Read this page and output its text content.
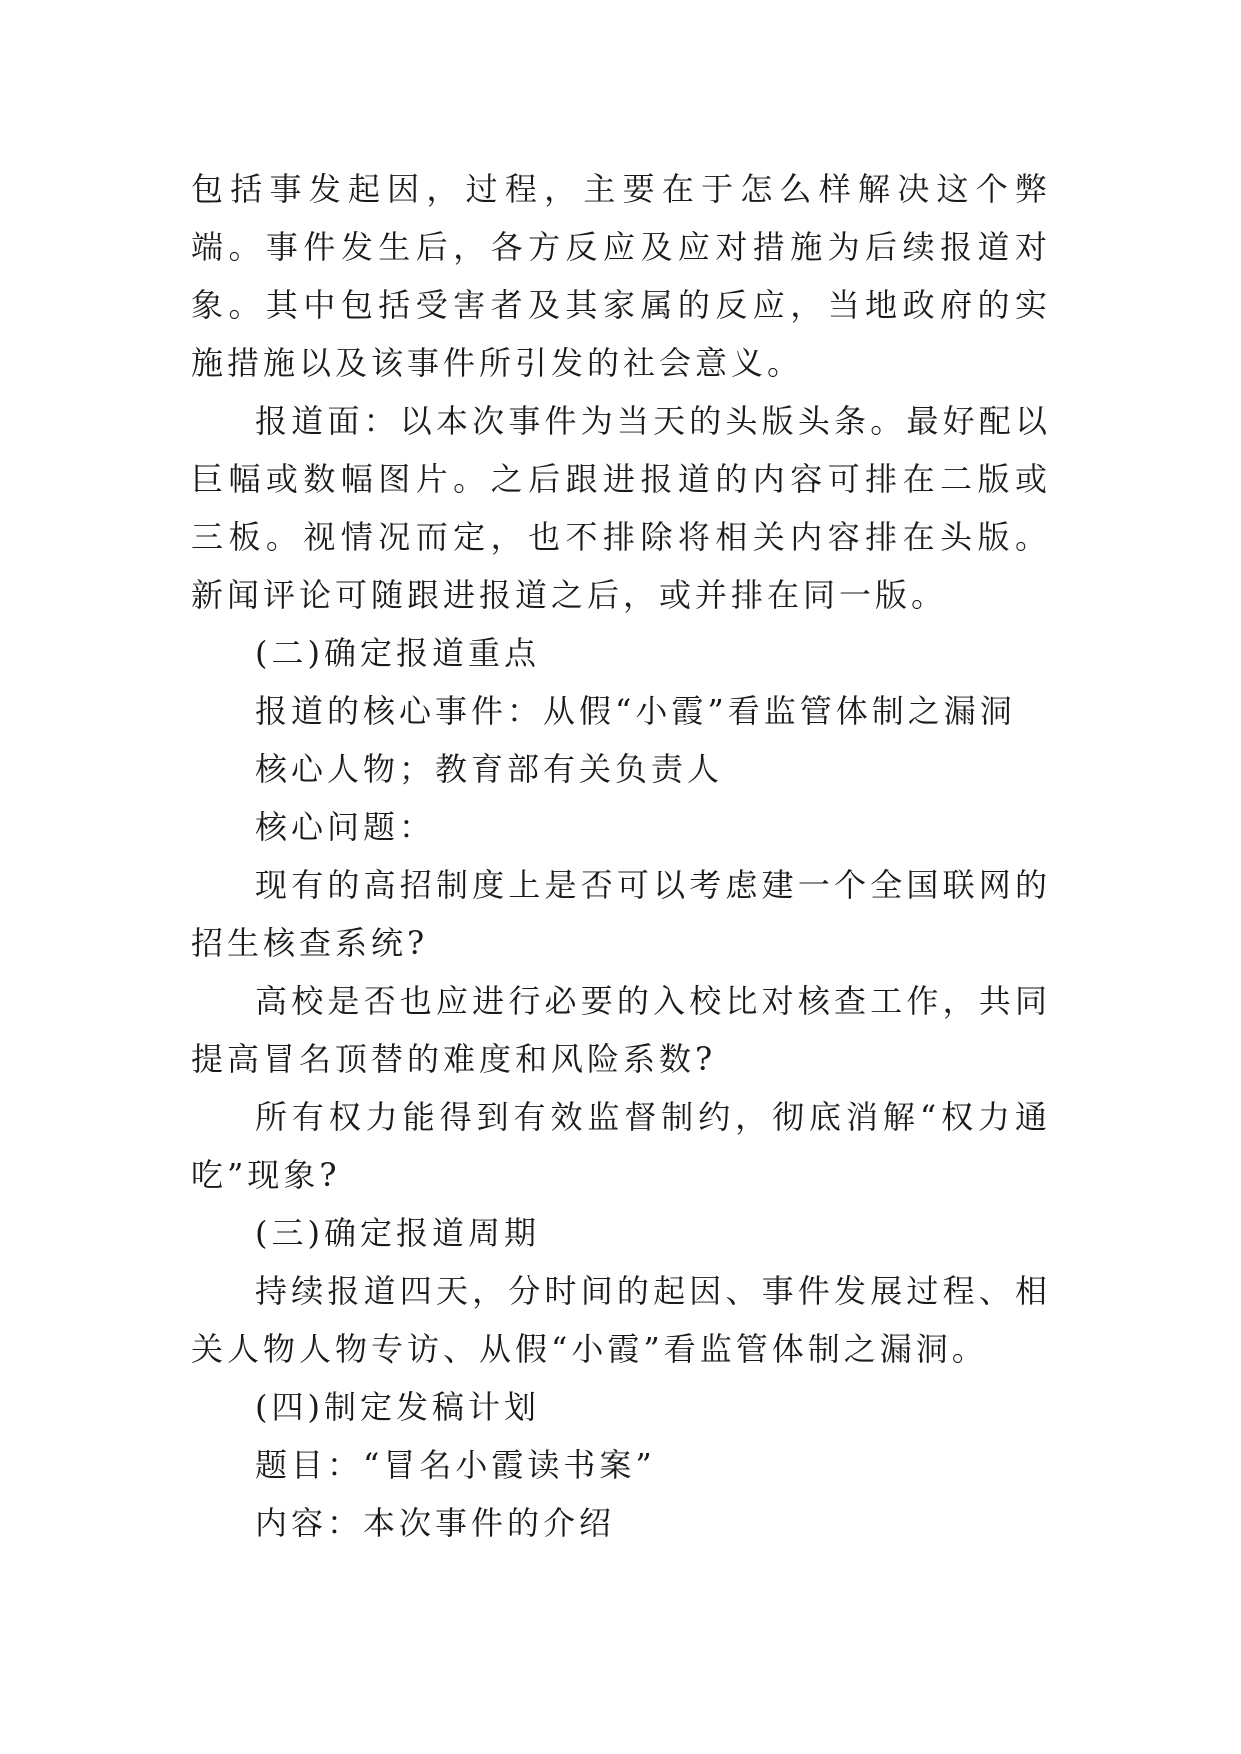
包括事发起因，过程，主要在于怎么样解决这个弊端。事件发生后，各方反应及应对措施为后续报道对象。其中包括受害者及其家属的反应，当地政府的实施措施以及该事件所引发的社会意义。

报道面：以本次事件为当天的头版头条。最好配以巨幅或数幅图片。之后跟进报道的内容可排在二版或三板。视情况而定，也不排除将相关内容排在头版。新闻评论可随跟进报道之后，或并排在同一版。

(二)确定报道重点

报道的核心事件：从假“小霞”看监管体制之漏洞

核心人物；教育部有关负责人

核心问题：

现有的高招制度上是否可以考虑建一个全国联网的招生核查系统?

高校是否也应进行必要的入校比对核查工作，共同提高冒名顶替的难度和风险系数?

所有权力能得到有效监督制约，彻底消解“权力通吃”现象?

(三)确定报道周期

持续报道四天，分时间的起因、事件发展过程、相关人物人物专访、从假“小霞”看监管体制之漏洞。

(四)制定发稿计划

题目：“冒名小霞读书案”

内容：本次事件的介绍
